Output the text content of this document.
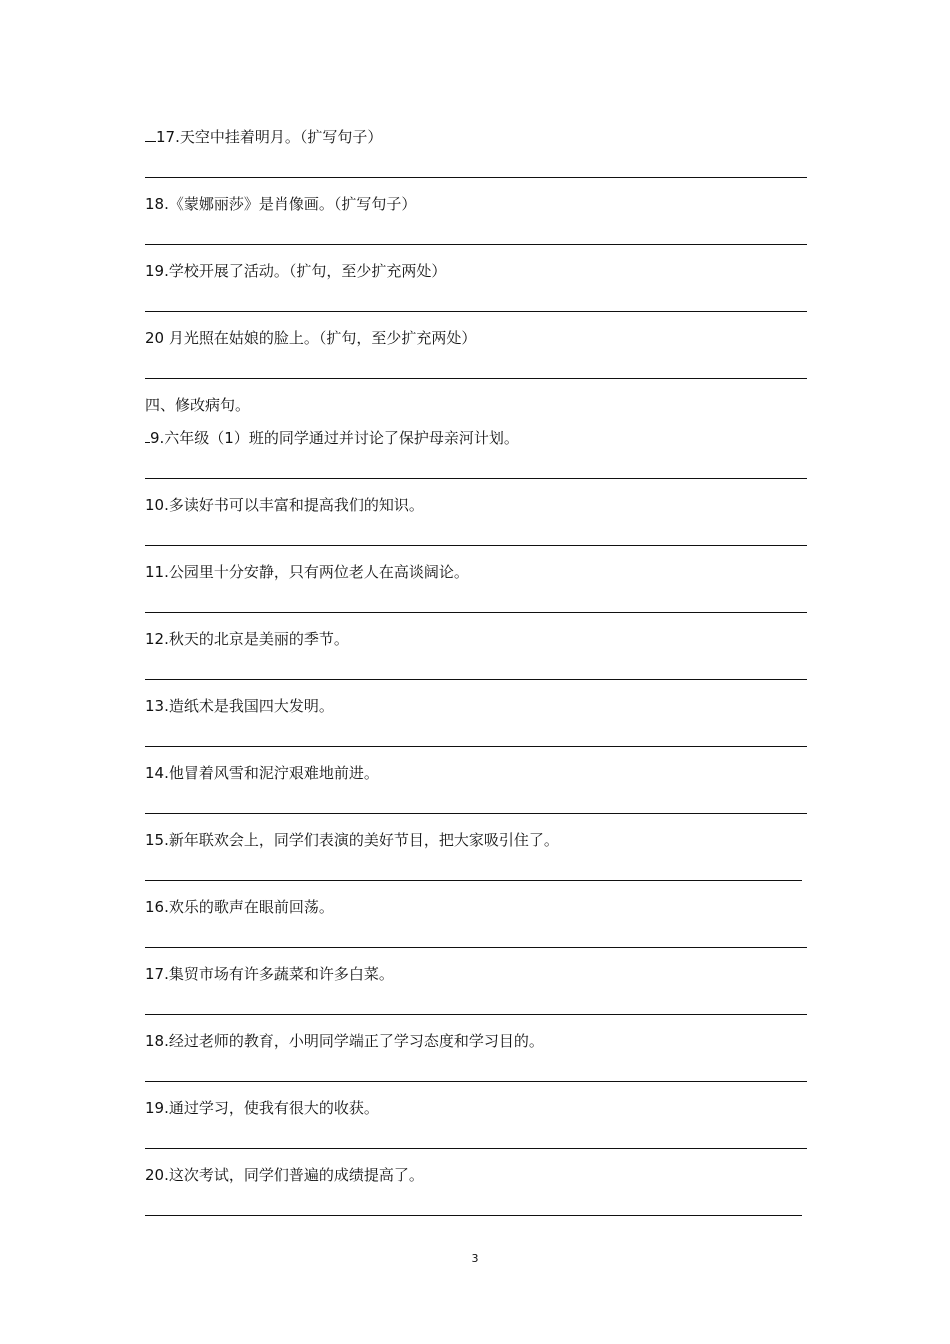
17.天空中挂着明月。（扩写句子）
18.《蒙娜丽莎》是肖像画。（扩写句子）
19.学校开展了活动。（扩句，至少扩充两处）
20 月光照在姑娘的脸上。（扩句，至少扩充两处）
四、修改病句。
9.六年级（1）班的同学通过并讨论了保护母亲河计划。
10.多读好书可以丰富和提高我们的知识。
11.公园里十分安静，只有两位老人在高谈阔论。
12.秋天的北京是美丽的季节。
13.造纸术是我国四大发明。
14.他冒着风雪和泥泞艰难地前进。
15.新年联欢会上，同学们表演的美好节目，把大家吸引住了。
16.欢乐的歌声在眼前回荡。
17.集贸市场有许多蔬菜和许多白菜。
18.经过老师的教育，小明同学端正了学习态度和学习目的。
19.通过学习，使我有很大的收获。
20.这次考试，同学们普遍的成绩提高了。
3
